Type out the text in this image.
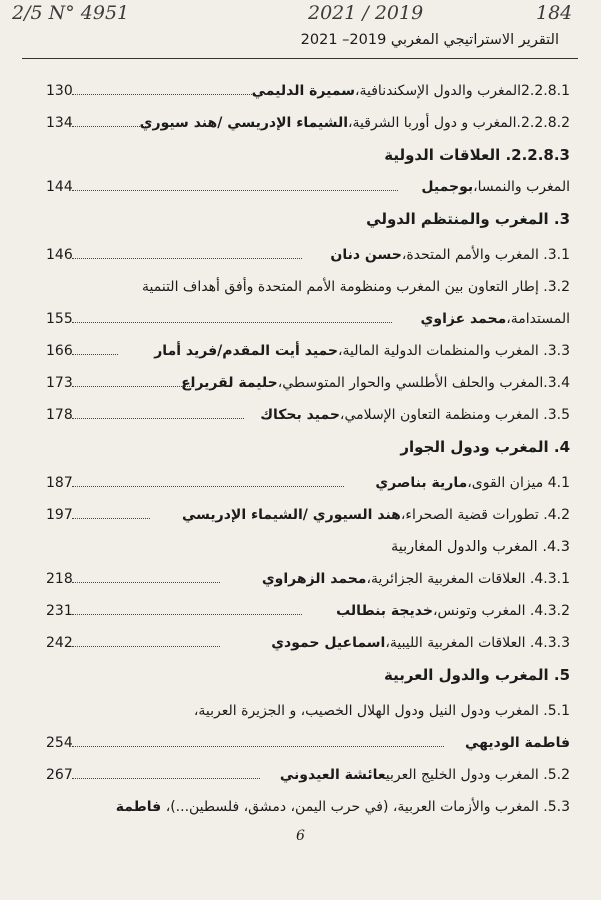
2/5 N° 4951	2021 / 2019	184
التقرير الاستراتيجي المغربي 2019– 2021
130	2.2.8.1المغرب والدول الإسكندنافية،سميرة الدليمي
134	2.2.8.2.المغرب و دول أوربا الشرقية،الشيماء الإدريسي /هند سيوري
2.2.8.3. العلاقات الدولية
144	المغرب والنمسا،بوجميل
3. المغرب والمنتظم الدولي
146	3.1. المغرب والأمم المتحدة،حسن دنان
3.2. إطار التعاون بين المغرب ومنظومة الأمم المتحدة وأفق أهداف التنمية
155	المستدامة،محمد عزاوي
166	3.3. المغرب والمنظمات الدولية المالية،حميد أيت المقدم/فريد أمار
173	3.4.المغرب والحلف الأطلسي والحوار المتوسطي،حليمة لقريراع
178	3.5. المغرب ومنظمة التعاون الإسلامي،حميد بحكاك
4. المغرب ودول الجوار
187	4.1 ميزان القوى،مارية بناصري
197	4.2. تطورات قضية الصحراء،هند السيوري /الشيماء الإدريسي
4.3. المغرب والدول المغاربية
218	4.3.1. العلاقات المغربية الجزائرية،محمد الزهراوي
231	4.3.2. المغرب وتونس،خديجة بنطالب
242	4.3.3. العلاقات المغربية الليبية،اسماعيل حمودي
5. المغرب والدول العربية
5.1. المغرب ودول النيل ودول الهلال الخصيب، و الجزيرة العربية،
254	فاطمة الوديهي
267	5.2. المغرب ودول الخليج العربيعائشة العيدوني
5.3. المغرب والأزمات العربية، (في حرب اليمن، دمشق، فلسطين...)، فاطمة
6
